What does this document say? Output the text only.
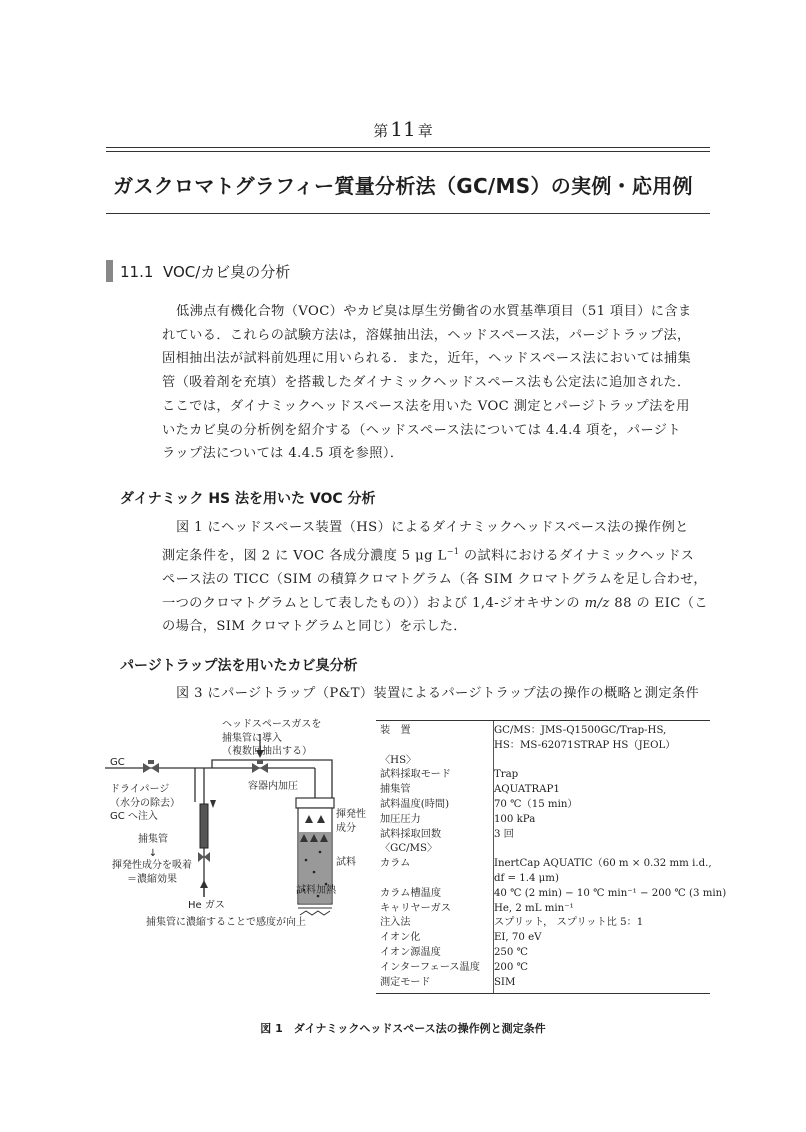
第 11 章
ガスクロマトグラフィー質量分析法（GC/MS）の実例・応用例
11.1 VOC/カビ臭の分析
低沸点有機化合物（VOC）やカビ臭は厚生労働省の水質基準項目（51 項目）に含ま
れている．これらの試験方法は，溶媒抽出法，ヘッドスペース法，パージトラップ法，
固相抽出法が試料前処理に用いられる．また，近年，ヘッドスペース法においては捕集
管（吸着剤を充填）を搭載したダイナミックヘッドスペース法も公定法に追加された．
ここでは，ダイナミックヘッドスペース法を用いた VOC 測定とパージトラップ法を用
いたカビ臭の分析例を紹介する（ヘッドスペース法については 4.4.4 項を，パージト
ラップ法については 4.4.5 項を参照）．
ダイナミック HS 法を用いた VOC 分析
図 1 にヘッドスペース装置（HS）によるダイナミックヘッドスペース法の操作例と
測定条件を，図 2 に VOC 各成分濃度 5 μg $L^{-1}$ の試料におけるダイナミックヘッドス
ペース法の TICC（SIM の積算クロマトグラム（各 SIM クロマトグラムを足し合わせ，
一つのクロマトグラムとして表したもの））および 1,4-ジオキサンの m/z 88 の EIC（こ
の場合，SIM クロマトグラムと同じ）を示した．
パージトラップ法を用いたカビ臭分析
図 3 にパージトラップ（P&T）装置によるパージトラップ法の操作の概略と測定条件
ヘッドスペースガスを
捕集管に導入
（複数回抽出する）
GC
ドライパージ
（水分の除去）
GC へ注入
容器内加圧
揮発性
成分
試料
捕集管
↓
揮発性成分を吸着
＝濃縮効果
試料加熱
He ガス
捕集管に濃縮することで感度が向上
装　置	GC/MS：JMS-Q1500GC/Trap-HS,
	HS：MS-62071STRAP HS（JEOL）
〈HS〉	
試料採取モード	Trap
捕集管	AQUATRAP1
試料温度(時間)	70 ℃（15 min）
加圧圧力	100 kPa
試料採取回数	3 回
〈GC/MS〉	
カラム	InertCap AQUATIC（60 m × 0.32 mm i.d.,
	df = 1.4 μm)
カラム槽温度	40 ℃ (2 min) − 10 ℃ min⁻¹ − 200 ℃ (3 min)
キャリヤーガス	He, 2 mL min⁻¹
注入法	スプリット， スプリット比 5：1
イオン化	EI, 70 eV
イオン源温度	250 ℃
インターフェース温度	200 ℃
測定モード	SIM
図 1　ダイナミックヘッドスペース法の操作例と測定条件
